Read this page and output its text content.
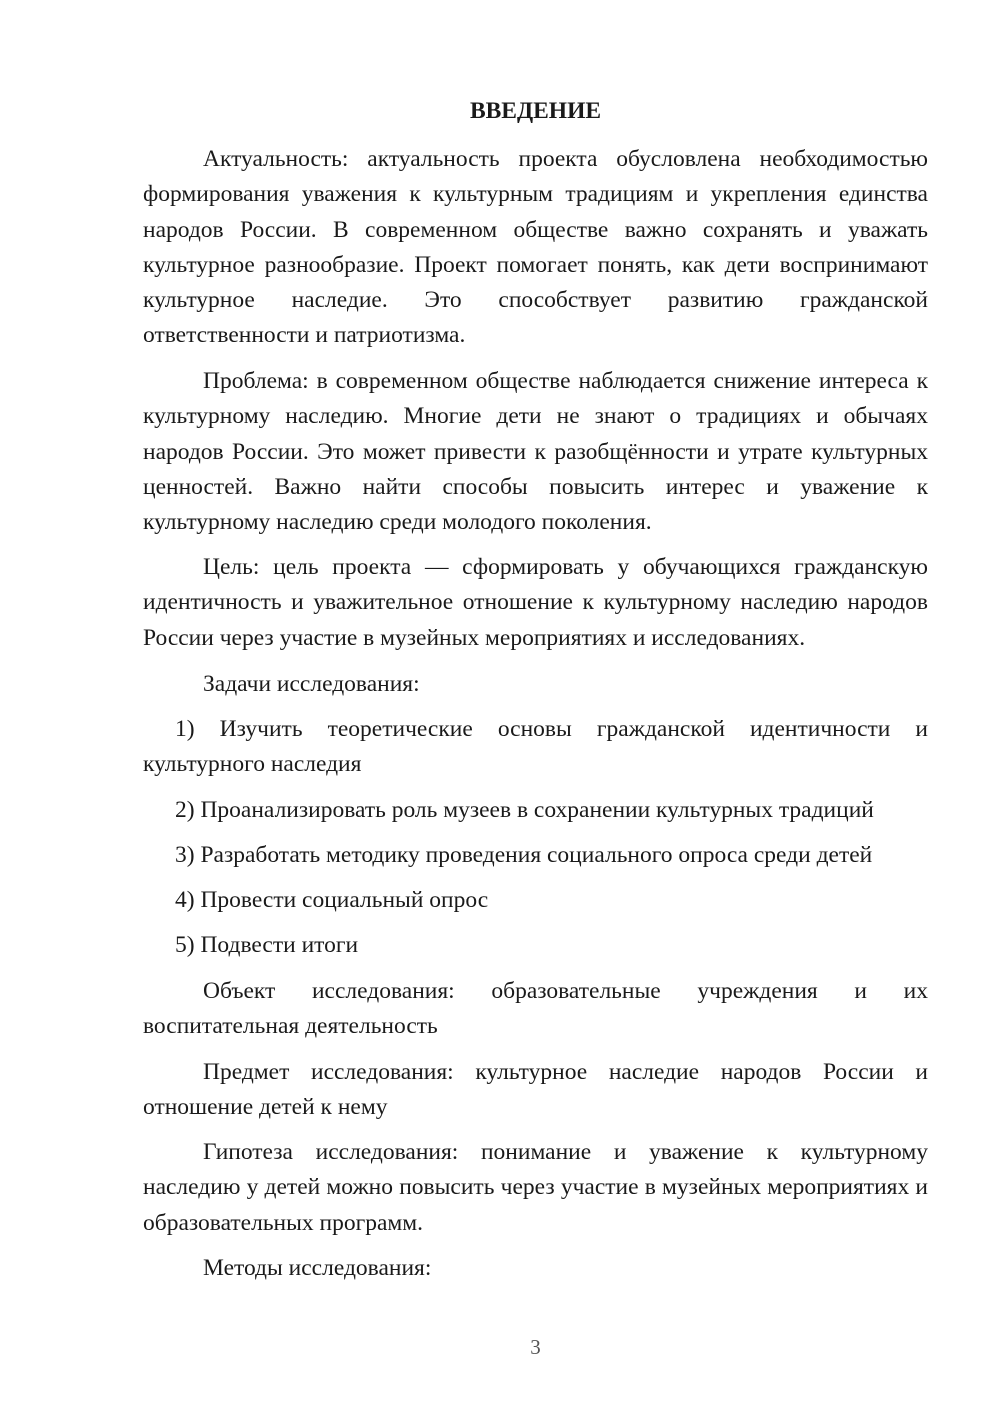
ВВЕДЕНИЕ

Актуальность: актуальность проекта обусловлена необходимостью формирования уважения к культурным традициям и укрепления единства народов России. В современном обществе важно сохранять и уважать культурное разнообразие. Проект помогает понять, как дети воспринимают культурное наследие. Это способствует развитию гражданской ответственности и патриотизма.

Проблема: в современном обществе наблюдается снижение интереса к культурному наследию. Многие дети не знают о традициях и обычаях народов России. Это может привести к разобщённости и утрате культурных ценностей. Важно найти способы повысить интерес и уважение к культурному наследию среди молодого поколения.

Цель: цель проекта — сформировать у обучающихся гражданскую идентичность и уважительное отношение к культурному наследию народов России через участие в музейных мероприятиях и исследованиях.

Задачи исследования:

1) Изучить теоретические основы гражданской идентичности и культурного наследия

2) Проанализировать роль музеев в сохранении культурных традиций

3) Разработать методику проведения социального опроса среди детей

4) Провести социальный опрос

5) Подвести итоги

Объект исследования: образовательные учреждения и их воспитательная деятельность

Предмет исследования: культурное наследие народов России и отношение детей к нему

Гипотеза исследования: понимание и уважение к культурному наследию у детей можно повысить через участие в музейных мероприятиях и образовательных программ.

Методы исследования:

3
